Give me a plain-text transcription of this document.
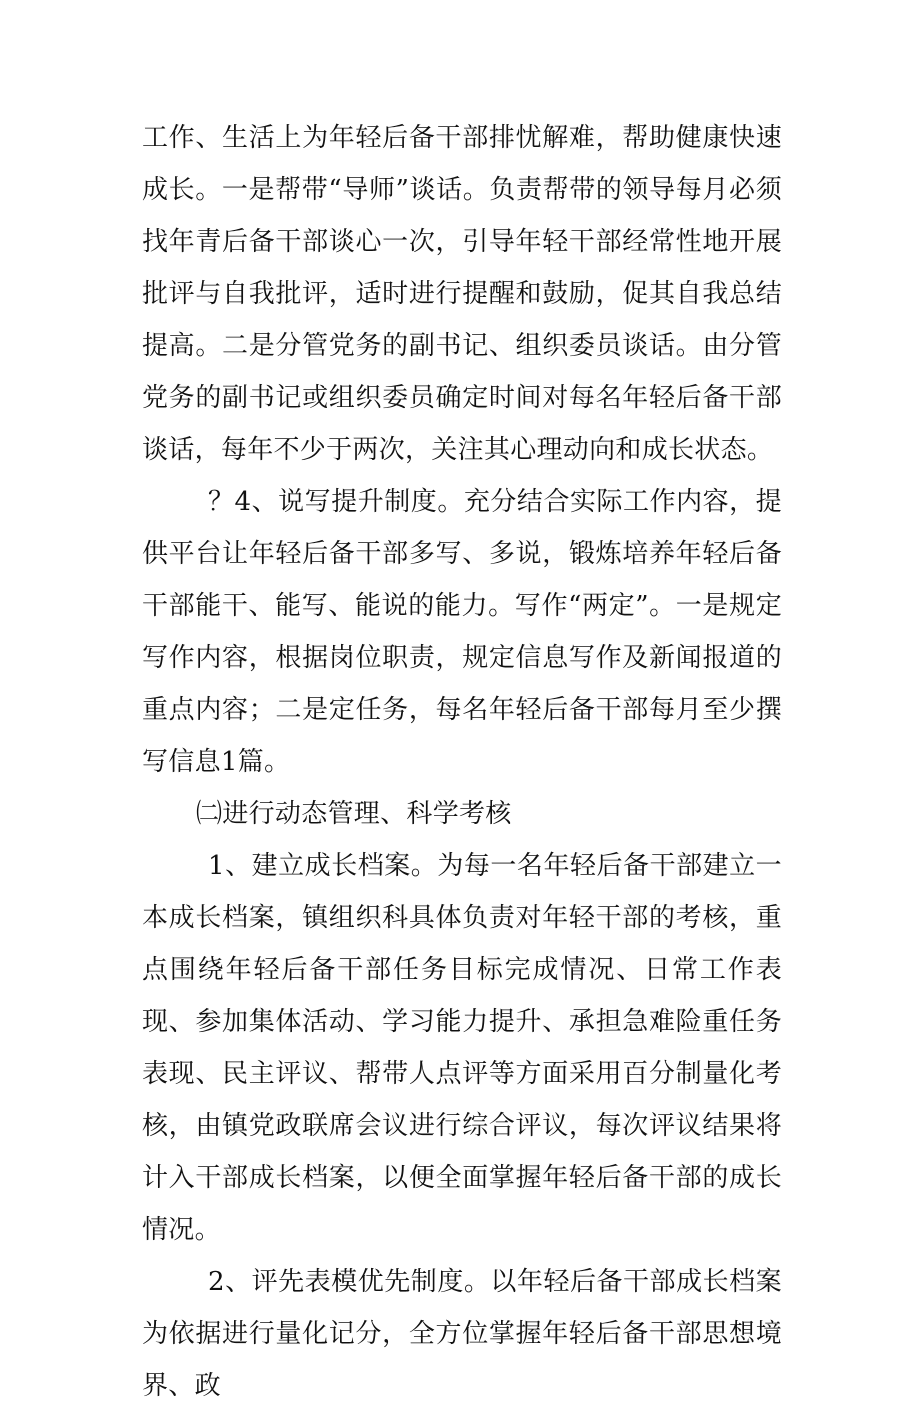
工作、生活上为年轻后备干部排忧解难，帮助健康快速成长。一是帮带“导师”谈话。负责帮带的领导每月必须找年青后备干部谈心一次，引导年轻干部经常性地开展批评与自我批评，适时进行提醒和鼓励，促其自我总结提高。二是分管党务的副书记、组织委员谈话。由分管党务的副书记或组织委员确定时间对每名年轻后备干部谈话，每年不少于两次，关注其心理动向和成长状态。

？4、说写提升制度。充分结合实际工作内容，提供平台让年轻后备干部多写、多说，锻炼培养年轻后备干部能干、能写、能说的能力。写作“两定”。一是规定写作内容，根据岗位职责，规定信息写作及新闻报道的重点内容；二是定任务，每名年轻后备干部每月至少撰写信息1篇。

㈡进行动态管理、科学考核

1、建立成长档案。为每一名年轻后备干部建立一本成长档案，镇组织科具体负责对年轻干部的考核，重点围绕年轻后备干部任务目标完成情况、日常工作表现、参加集体活动、学习能力提升、承担急难险重任务表现、民主评议、帮带人点评等方面采用百分制量化考核，由镇党政联席会议进行综合评议，每次评议结果将计入干部成长档案，以便全面掌握年轻后备干部的成长情况。

2、评先表模优先制度。以年轻后备干部成长档案为依据进行量化记分，全方位掌握年轻后备干部思想境界、政
